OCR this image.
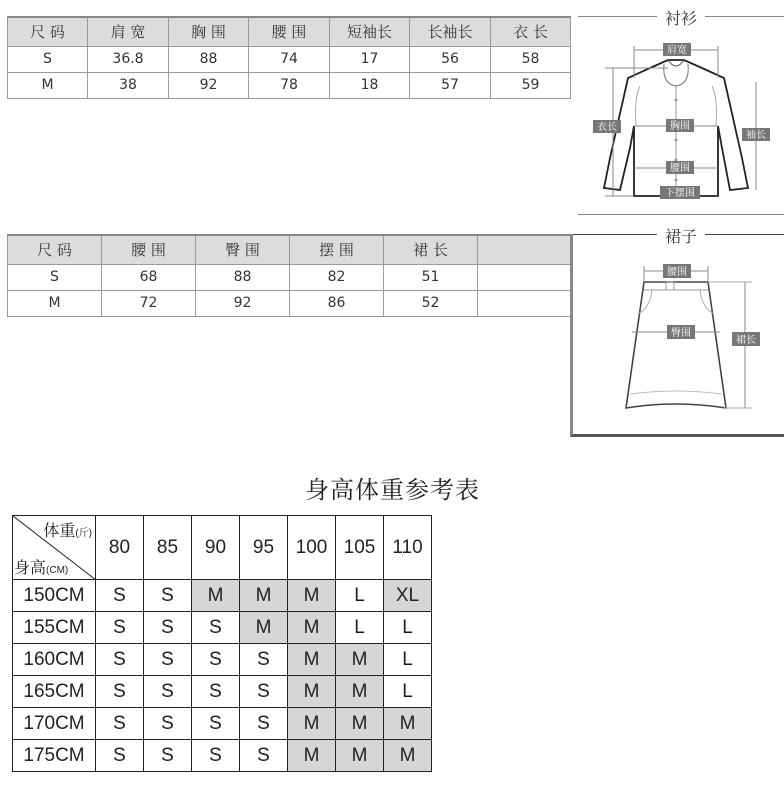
尺 码	肩 宽	胸 围	腰 围	短袖长	长袖长	衣 长
S	36.8	88	74	17	56	58
M	38	92	78	18	57	59
衬衫
肩宽
衣长	胸围
袖长
腰围
下摆围
尺 码	腰 围	臀 围	摆 围	裙 长	
S	68	88	82	51	
M	72	92	86	52	
裙子
腰围
臀围
裙长
身高体重参考表
体重(斤)
身高(CM)	80	85	90	95	100	105	110
150CM	S	S	M	M	M	L	XL
155CM	S	S	S	M	M	L	L
160CM	S	S	S	S	M	M	L
165CM	S	S	S	S	M	M	L
170CM	S	S	S	S	M	M	M
175CM	S	S	S	S	M	M	M
